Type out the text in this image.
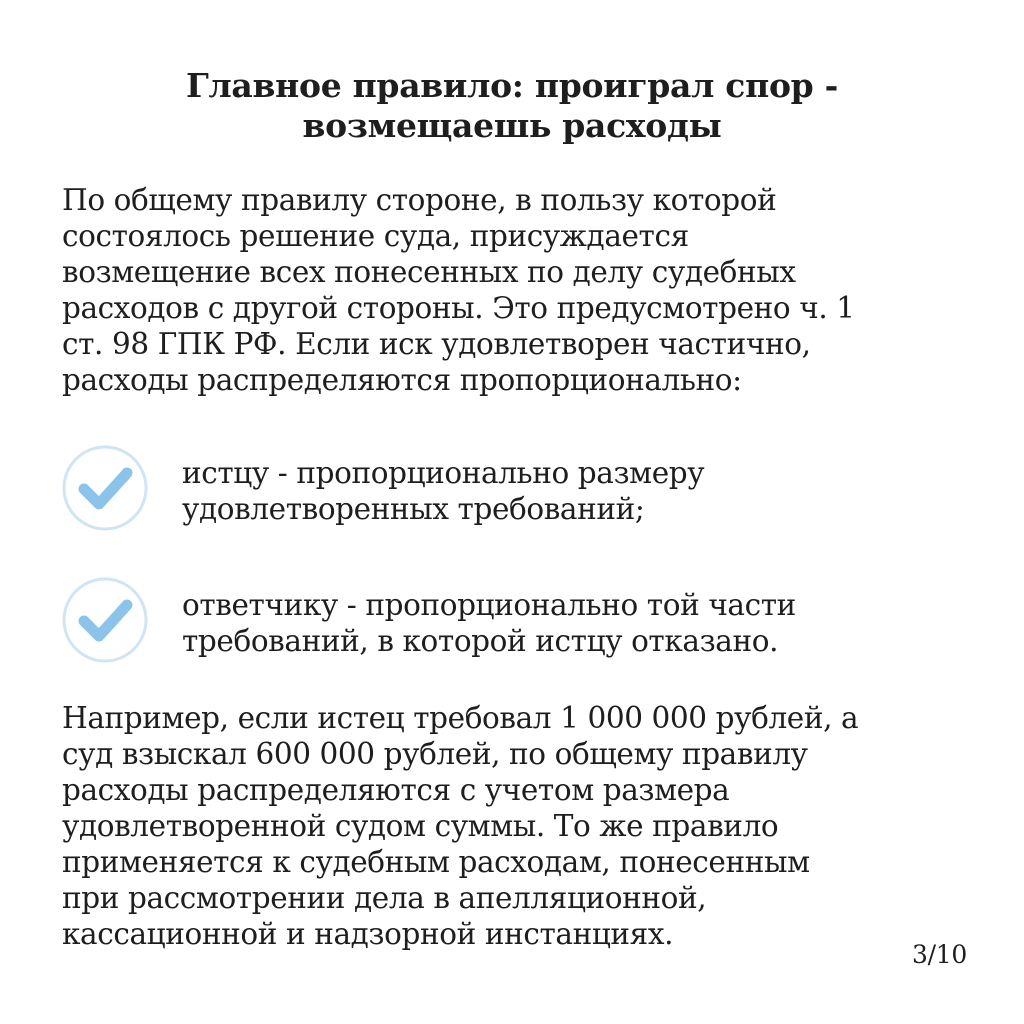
Главное правило: проиграл спор -
возмещаешь расходы
По общему правилу стороне, в пользу которой
состоялось решение суда, присуждается
возмещение всех понесенных по делу судебных
расходов с другой стороны. Это предусмотрено ч. 1
ст. 98 ГПК РФ. Если иск удовлетворен частично,
расходы распределяются пропорционально:
истцу - пропорционально размеру
удовлетворенных требований;
ответчику - пропорционально той части
требований, в которой истцу отказано.
Например, если истец требовал 1 000 000 рублей, а
суд взыскал 600 000 рублей, по общему правилу
расходы распределяются с учетом размера
удовлетворенной судом суммы. То же правило
применяется к судебным расходам, понесенным
при рассмотрении дела в апелляционной,
кассационной и надзорной инстанциях.
3/10
